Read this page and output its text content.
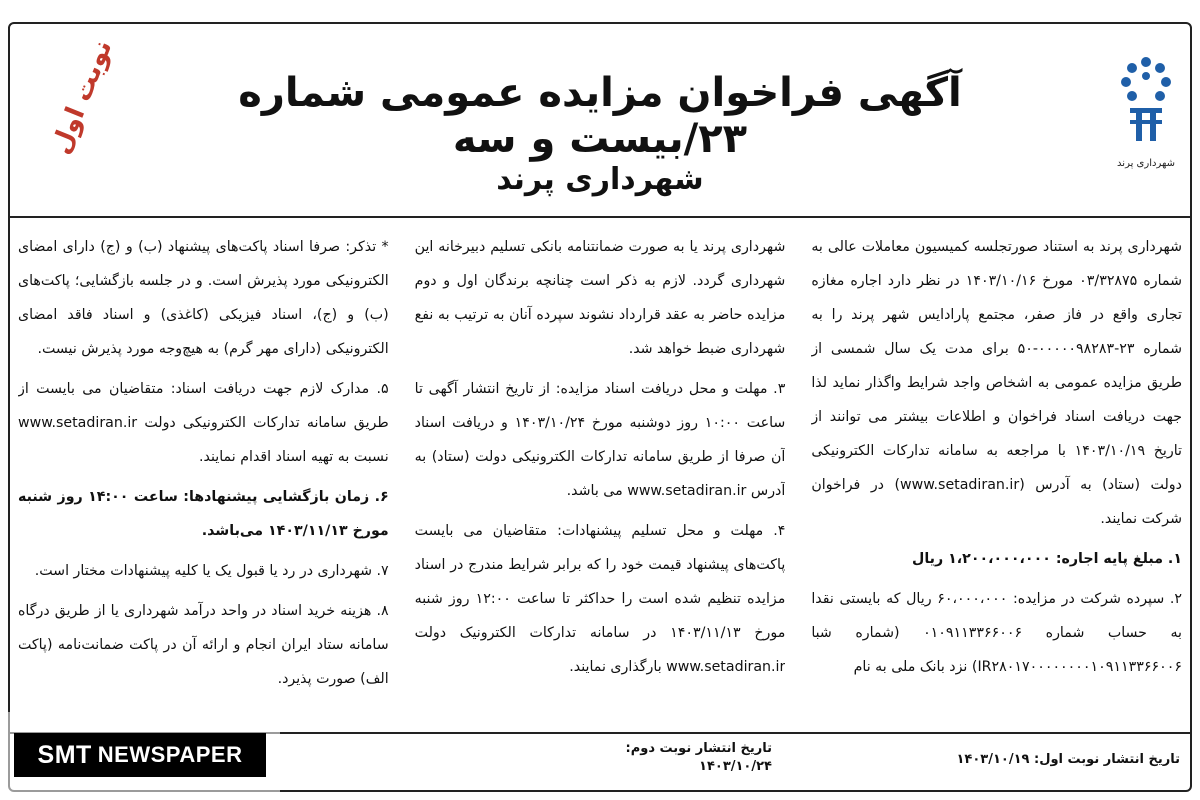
نوبت اول	آگهی فراخوان مزایده عمومی شماره ۲۳/بیست و سه
شهرداری پرند	شهرداری پرند

شهرداری پرند به استناد صورتجلسه کمیسیون معاملات عالی به شماره ۰۳/۳۲۸۷۵ مورخ ۱۴۰۳/۱۰/۱۶ در نظر دارد اجاره مغازه تجاری واقع در فاز صفر، مجتمع پارادایس شهر پرند را به شماره ۲۳-۰۰۰۰۰۹۸۲۸۳-۵۰ برای مدت یک سال شمسی از طریق مزایده عمومی به اشخاص واجد شرایط واگذار نماید لذا جهت دریافت اسناد فراخوان و اطلاعات بیشتر می توانند از تاریخ ۱۴۰۳/۱۰/۱۹ با مراجعه به سامانه تدارکات الکترونیکی دولت (ستاد) به آدرس (www.setadiran.ir) در فراخوان شرکت نمایند.

۱. مبلغ پایه اجاره: ۱،۲۰۰،۰۰۰،۰۰۰ ریال

۲. سپرده شرکت در مزایده: ۶۰،۰۰۰،۰۰۰ ریال که بایستی نقدا به حساب شماره ۰۱۰۹۱۱۳۳۶۶۰۰۶ (شماره شبا IR۲۸۰۱۷۰۰۰۰۰۰۰۰۱۰۹۱۱۳۳۶۶۰۰۶) نزد بانک ملی به نام

شهرداری پرند یا به صورت ضمانتنامه بانکی تسلیم دبیرخانه این شهرداری گردد. لازم به ذکر است چنانچه برندگان اول و دوم مزایده حاضر به عقد قرارداد نشوند سپرده آنان به ترتیب به نفع شهرداری ضبط خواهد شد.

۳. مهلت و محل دریافت اسناد مزایده: از تاریخ انتشار آگهی تا ساعت ۱۰:۰۰ روز دوشنبه مورخ ۱۴۰۳/۱۰/۲۴ و دریافت اسناد آن صرفا از طریق سامانه تدارکات الکترونیکی دولت (ستاد) به آدرس www.setadiran.ir می باشد.

۴. مهلت و محل تسلیم پیشنهادات: متقاضیان می بایست پاکت‌های پیشنهاد قیمت خود را که برابر شرایط مندرج در اسناد مزایده تنظیم شده است را حداکثر تا ساعت ۱۲:۰۰ روز شنبه مورخ ۱۴۰۳/۱۱/۱۳ در سامانه تدارکات الکترونیک دولت www.setadiran.ir بارگذاری نمایند.

* تذکر: صرفا اسناد پاکت‌های پیشنهاد (ب) و (ج) دارای امضای الکترونیکی مورد پذیرش است. و در جلسه بازگشایی؛ پاکت‌های (ب) و (ج)، اسناد فیزیکی (کاغذی) و اسناد فاقد امضای الکترونیکی (دارای مهر گرم) به هیچ‌وجه مورد پذیرش نیست.

۵. مدارک لازم جهت دریافت اسناد: متقاضیان می بایست از طریق سامانه تدارکات الکترونیکی دولت www.setadiran.ir نسبت به تهیه اسناد اقدام نمایند.

۶. زمان بازگشایی پیشنهادها: ساعت ۱۴:۰۰ روز شنبه مورخ ۱۴۰۳/۱۱/۱۳ می‌باشد.

۷. شهرداری در رد یا قبول یک یا کلیه پیشنهادات مختار است.

۸. هزینه خرید اسناد در واحد درآمد شهرداری یا از طریق درگاه سامانه ستاد ایران انجام و ارائه آن در پاکت ضمانت‌نامه (پاکت الف) صورت پذیرد.

تاریخ انتشار نوبت اول: ۱۴۰۳/۱۰/۱۹
تاریخ انتشار نوبت دوم:
۱۴۰۳/۱۰/۲۴
SMT NEWSPAPER
